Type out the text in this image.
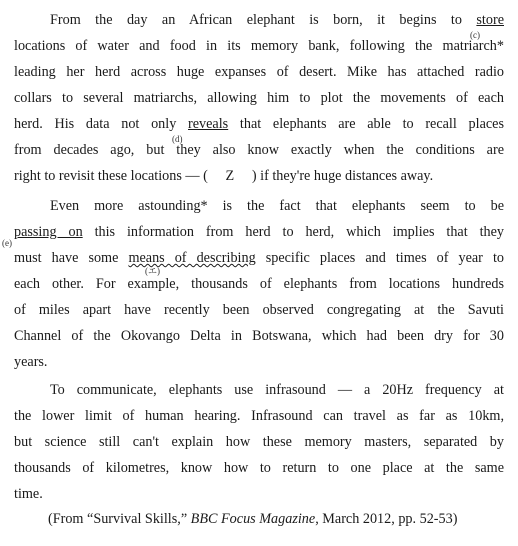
From the day an African elephant is born, it begins to store
(c)
locations of water and food in its memory bank, following the matriarch*
leading her herd across huge expanses of desert. Mike has attached radio
collars to several matriarchs, allowing him to plot the movements of each
herd. His data not only reveals that elephants are able to recall places
(d)
from decades ago, but they also know exactly when the conditions are
right to revisit these locations — ( Z ) if they're huge distances away.
Even more astounding* is the fact that elephants seem to be
(e)
passing on this information from herd to herd, which implies that they
must have some means of describing specific places and times of year to
(エ)
each other. For example, thousands of elephants from locations hundreds
of miles apart have recently been observed congregating at the Savuti
Channel of the Okovango Delta in Botswana, which had been dry for 30
years.
To communicate, elephants use infrasound — a 20Hz frequency at
the lower limit of human hearing. Infrasound can travel as far as 10km,
but science still can't explain how these memory masters, separated by
thousands of kilometres, know how to return to one place at the same
time.
(From “Survival Skills,” BBC Focus Magazine, March 2012, pp. 52-53)
